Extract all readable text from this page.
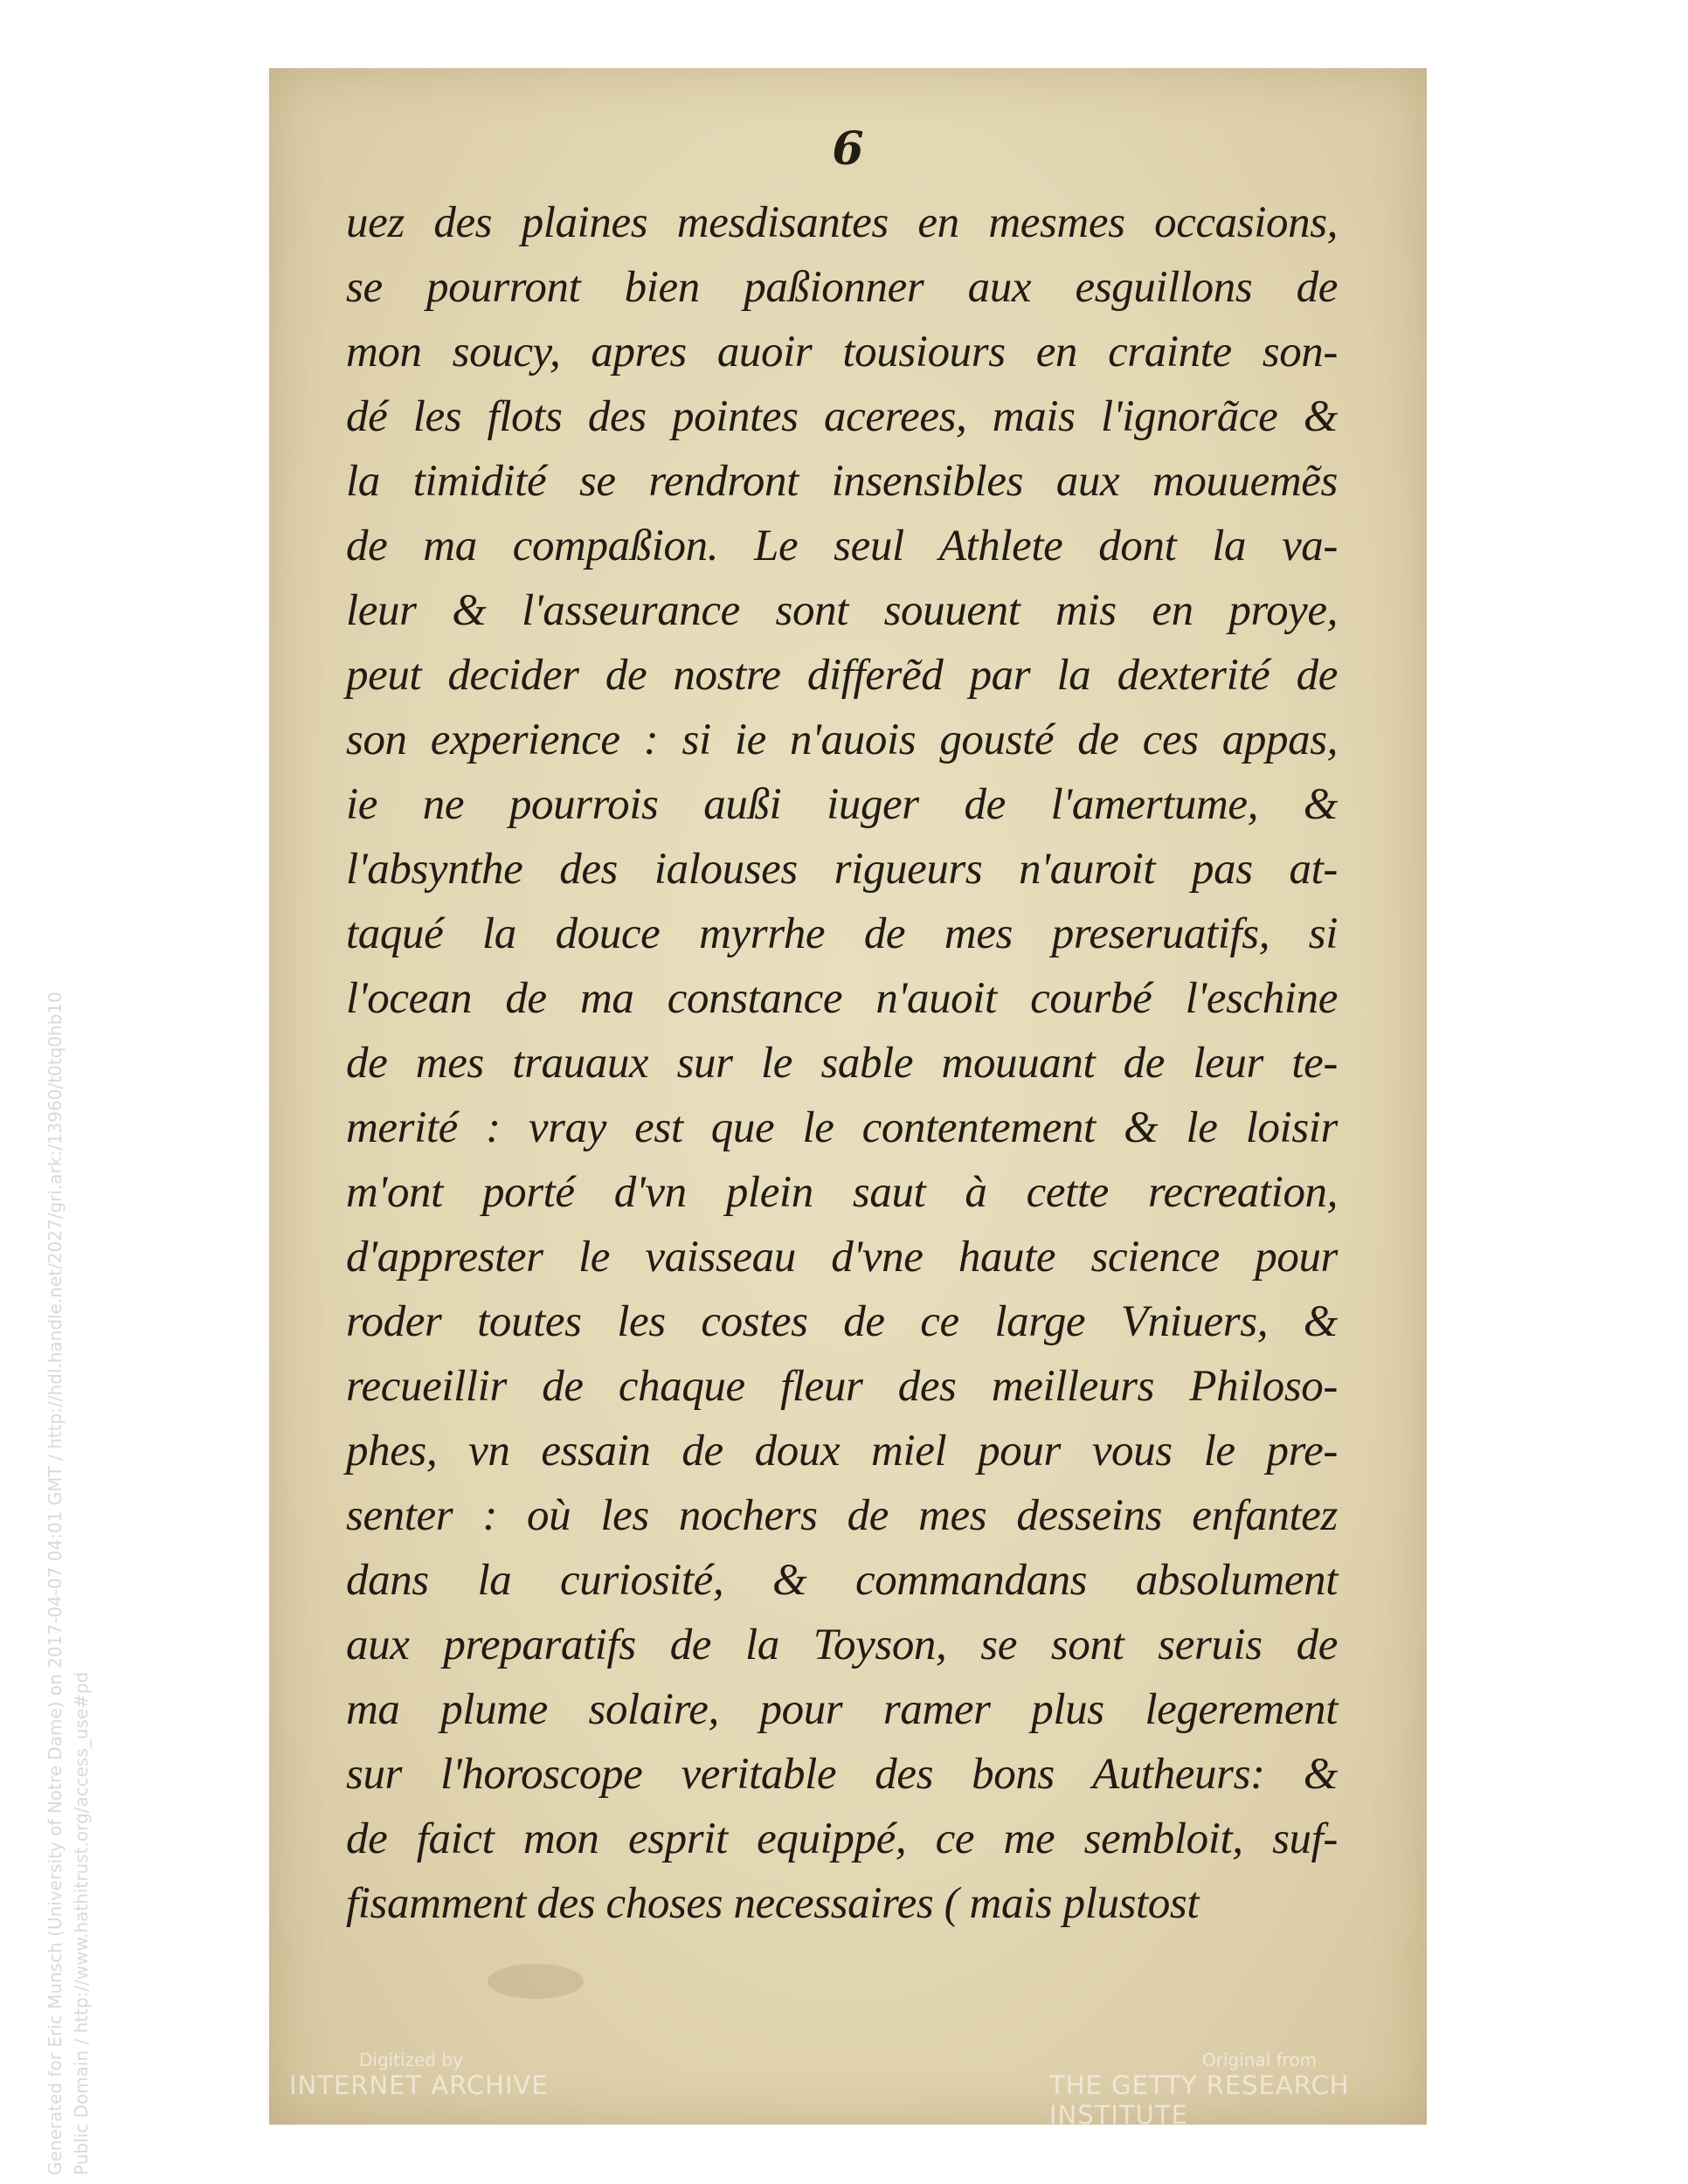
Generated for Eric Munsch (University of Notre Dame) on 2017-04-07 04:01 GMT / http://hdl.handle.net/2027/gri.ark:/13960/t0tq0hb10 Public Domain / http://www.hathitrust.org/access_use#pd
6
uez des plaines mesdisantes en mesmes occasions,
se pourront bien paßionner aux esguillons de
mon soucy, apres auoir tousiours en crainte son-
dé les flots des pointes acerees, mais l'ignorãce &
la timidité se rendront insensibles aux mouuemẽs
de ma compaßion. Le seul Athlete dont la va-
leur & l'asseurance sont souuent mis en proye,
peut decider de nostre differẽd par la dexterité de
son experience : si ie n'auois gousté de ces appas,
ie ne pourrois außi iuger de l'amertume, &
l'absynthe des ialouses rigueurs n'auroit pas at-
taqué la douce myrrhe de mes preseruatifs, si
l'ocean de ma constance n'auoit courbé l'eschine
de mes trauaux sur le sable mouuant de leur te-
merité : vray est que le contentement & le loisir
m'ont porté d'vn plein saut à cette recreation,
d'apprester le vaisseau d'vne haute science pour
roder toutes les costes de ce large Vniuers, &
recueillir de chaque fleur des meilleurs Philoso-
phes, vn essain de doux miel pour vous le pre-
senter : où les nochers de mes desseins enfantez
dans la curiosité, & commandans absolument
aux preparatifs de la Toyson, se sont seruis de
ma plume solaire, pour ramer plus legerement
sur l'horoscope veritable des bons Autheurs: &
de faict mon esprit equippé, ce me sembloit, suf-
fisamment des choses necessaires ( mais plustost
Digitized by
INTERNET ARCHIVE
Original from
THE GETTY RESEARCH INSTITUTE
